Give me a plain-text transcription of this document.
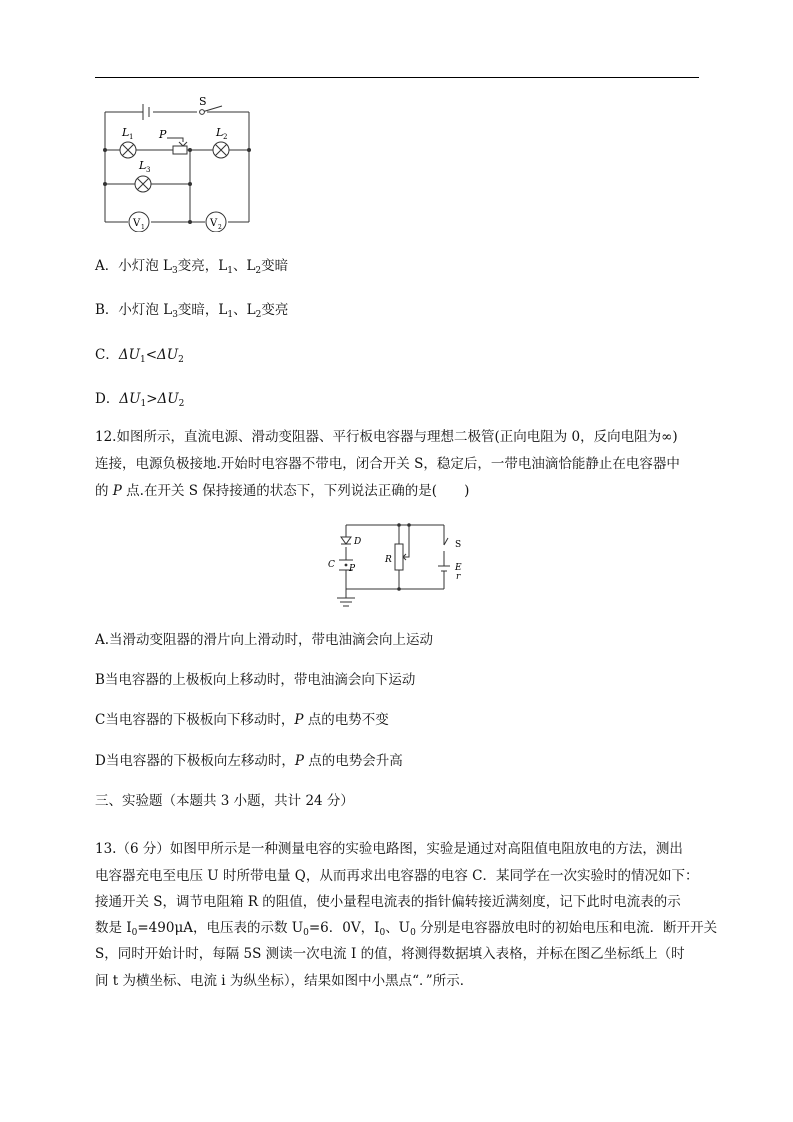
S
P
L 1	L 2
L 3
V 1	V 2
A．小灯泡 $L_3$变亮，$L_1$、$L_2$变暗
B．小灯泡 $L_3$变暗，$L_1$、$L_2$变亮
C．$\Delta U_1<\Delta U_2$
D．$\Delta U_1>\Delta U_2$
12.如图所示，直流电源、滑动变阻器、平行板电容器与理想二极管(正向电阻为 0，反向电阻为∞)
连接，电源负极接地.开始时电容器不带电，闭合开关 S，稳定后，一带电油滴恰能静止在电容器中
的 P 点.在开关 S 保持接通的状态下，下列说法正确的是(　　)
D
C P
R
S
E
r
A.当滑动变阻器的滑片向上滑动时，带电油滴会向上运动
B当电容器的上极板向上移动时，带电油滴会向下运动
C当电容器的下极板向下移动时，P 点的电势不变
D当电容器的下极板向左移动时，P 点的电势会升高
三、实验题（本题共 3 小题，共计 24 分）
13.（6 分）如图甲所示是一种测量电容的实验电路图，实验是通过对高阻值电阻放电的方法，测出
电容器充电至电压 U 时所带电量 Q，从而再求出电容器的电容 C．某同学在一次实验时的情况如下：
接通开关 S，调节电阻箱 R 的阻值，使小量程电流表的指针偏转接近满刻度，记下此时电流表的示
数是 $I_0=490\mu A$，电压表的示数 $U_0=6$．0V，$I_0$、$U_0$ 分别是电容器放电时的初始电压和电流．断开开关
S，同时开始计时，每隔 5S 测读一次电流 I 的值，将测得数据填入表格，并标在图乙坐标纸上（时
间 t 为横坐标、电流 i 为纵坐标），结果如图中小黑点“．”所示．
